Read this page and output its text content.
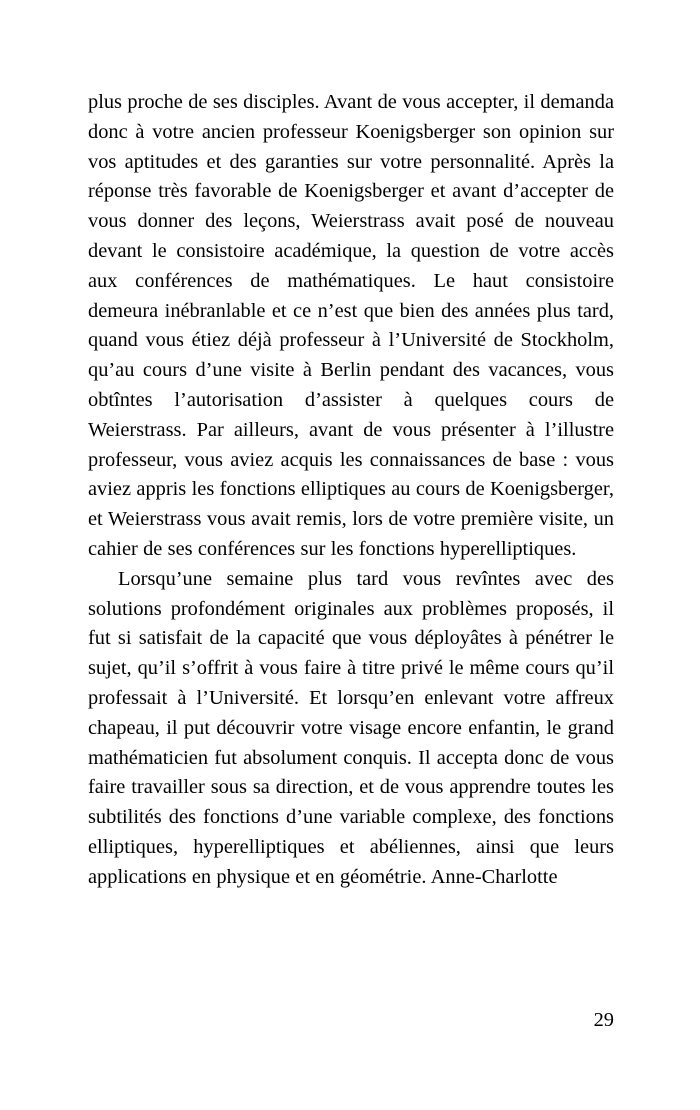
plus proche de ses disciples. Avant de vous accepter, il demanda donc à votre ancien professeur Koenigsberger son opinion sur vos aptitudes et des garanties sur votre personnalité. Après la réponse très favorable de Koenigsberger et avant d’accepter de vous donner des leçons, Weierstrass avait posé de nouveau devant le consistoire académique, la question de votre accès aux conférences de mathématiques. Le haut consistoire demeura inébranlable et ce n’est que bien des années plus tard, quand vous étiez déjà professeur à l’Université de Stockholm, qu’au cours d’une visite à Berlin pendant des vacances, vous obtîntes l’autorisation d’assister à quelques cours de Weierstrass. Par ailleurs, avant de vous présenter à l’illustre professeur, vous aviez acquis les connaissances de base : vous aviez appris les fonctions elliptiques au cours de Koenigsberger, et Weierstrass vous avait remis, lors de votre première visite, un cahier de ses conférences sur les fonctions hyperelliptiques.

Lorsqu’une semaine plus tard vous revîntes avec des solutions profondément originales aux problèmes proposés, il fut si satisfait de la capacité que vous déployâtes à pénétrer le sujet, qu’il s’offrit à vous faire à titre privé le même cours qu’il professait à l’Université. Et lorsqu’en enlevant votre affreux chapeau, il put découvrir votre visage encore enfantin, le grand mathématicien fut absolument conquis. Il accepta donc de vous faire travailler sous sa direction, et de vous apprendre toutes les subtilités des fonctions d’une variable complexe, des fonctions elliptiques, hyperelliptiques et abéliennes, ainsi que leurs applications en physique et en géométrie. Anne-Charlotte

29
